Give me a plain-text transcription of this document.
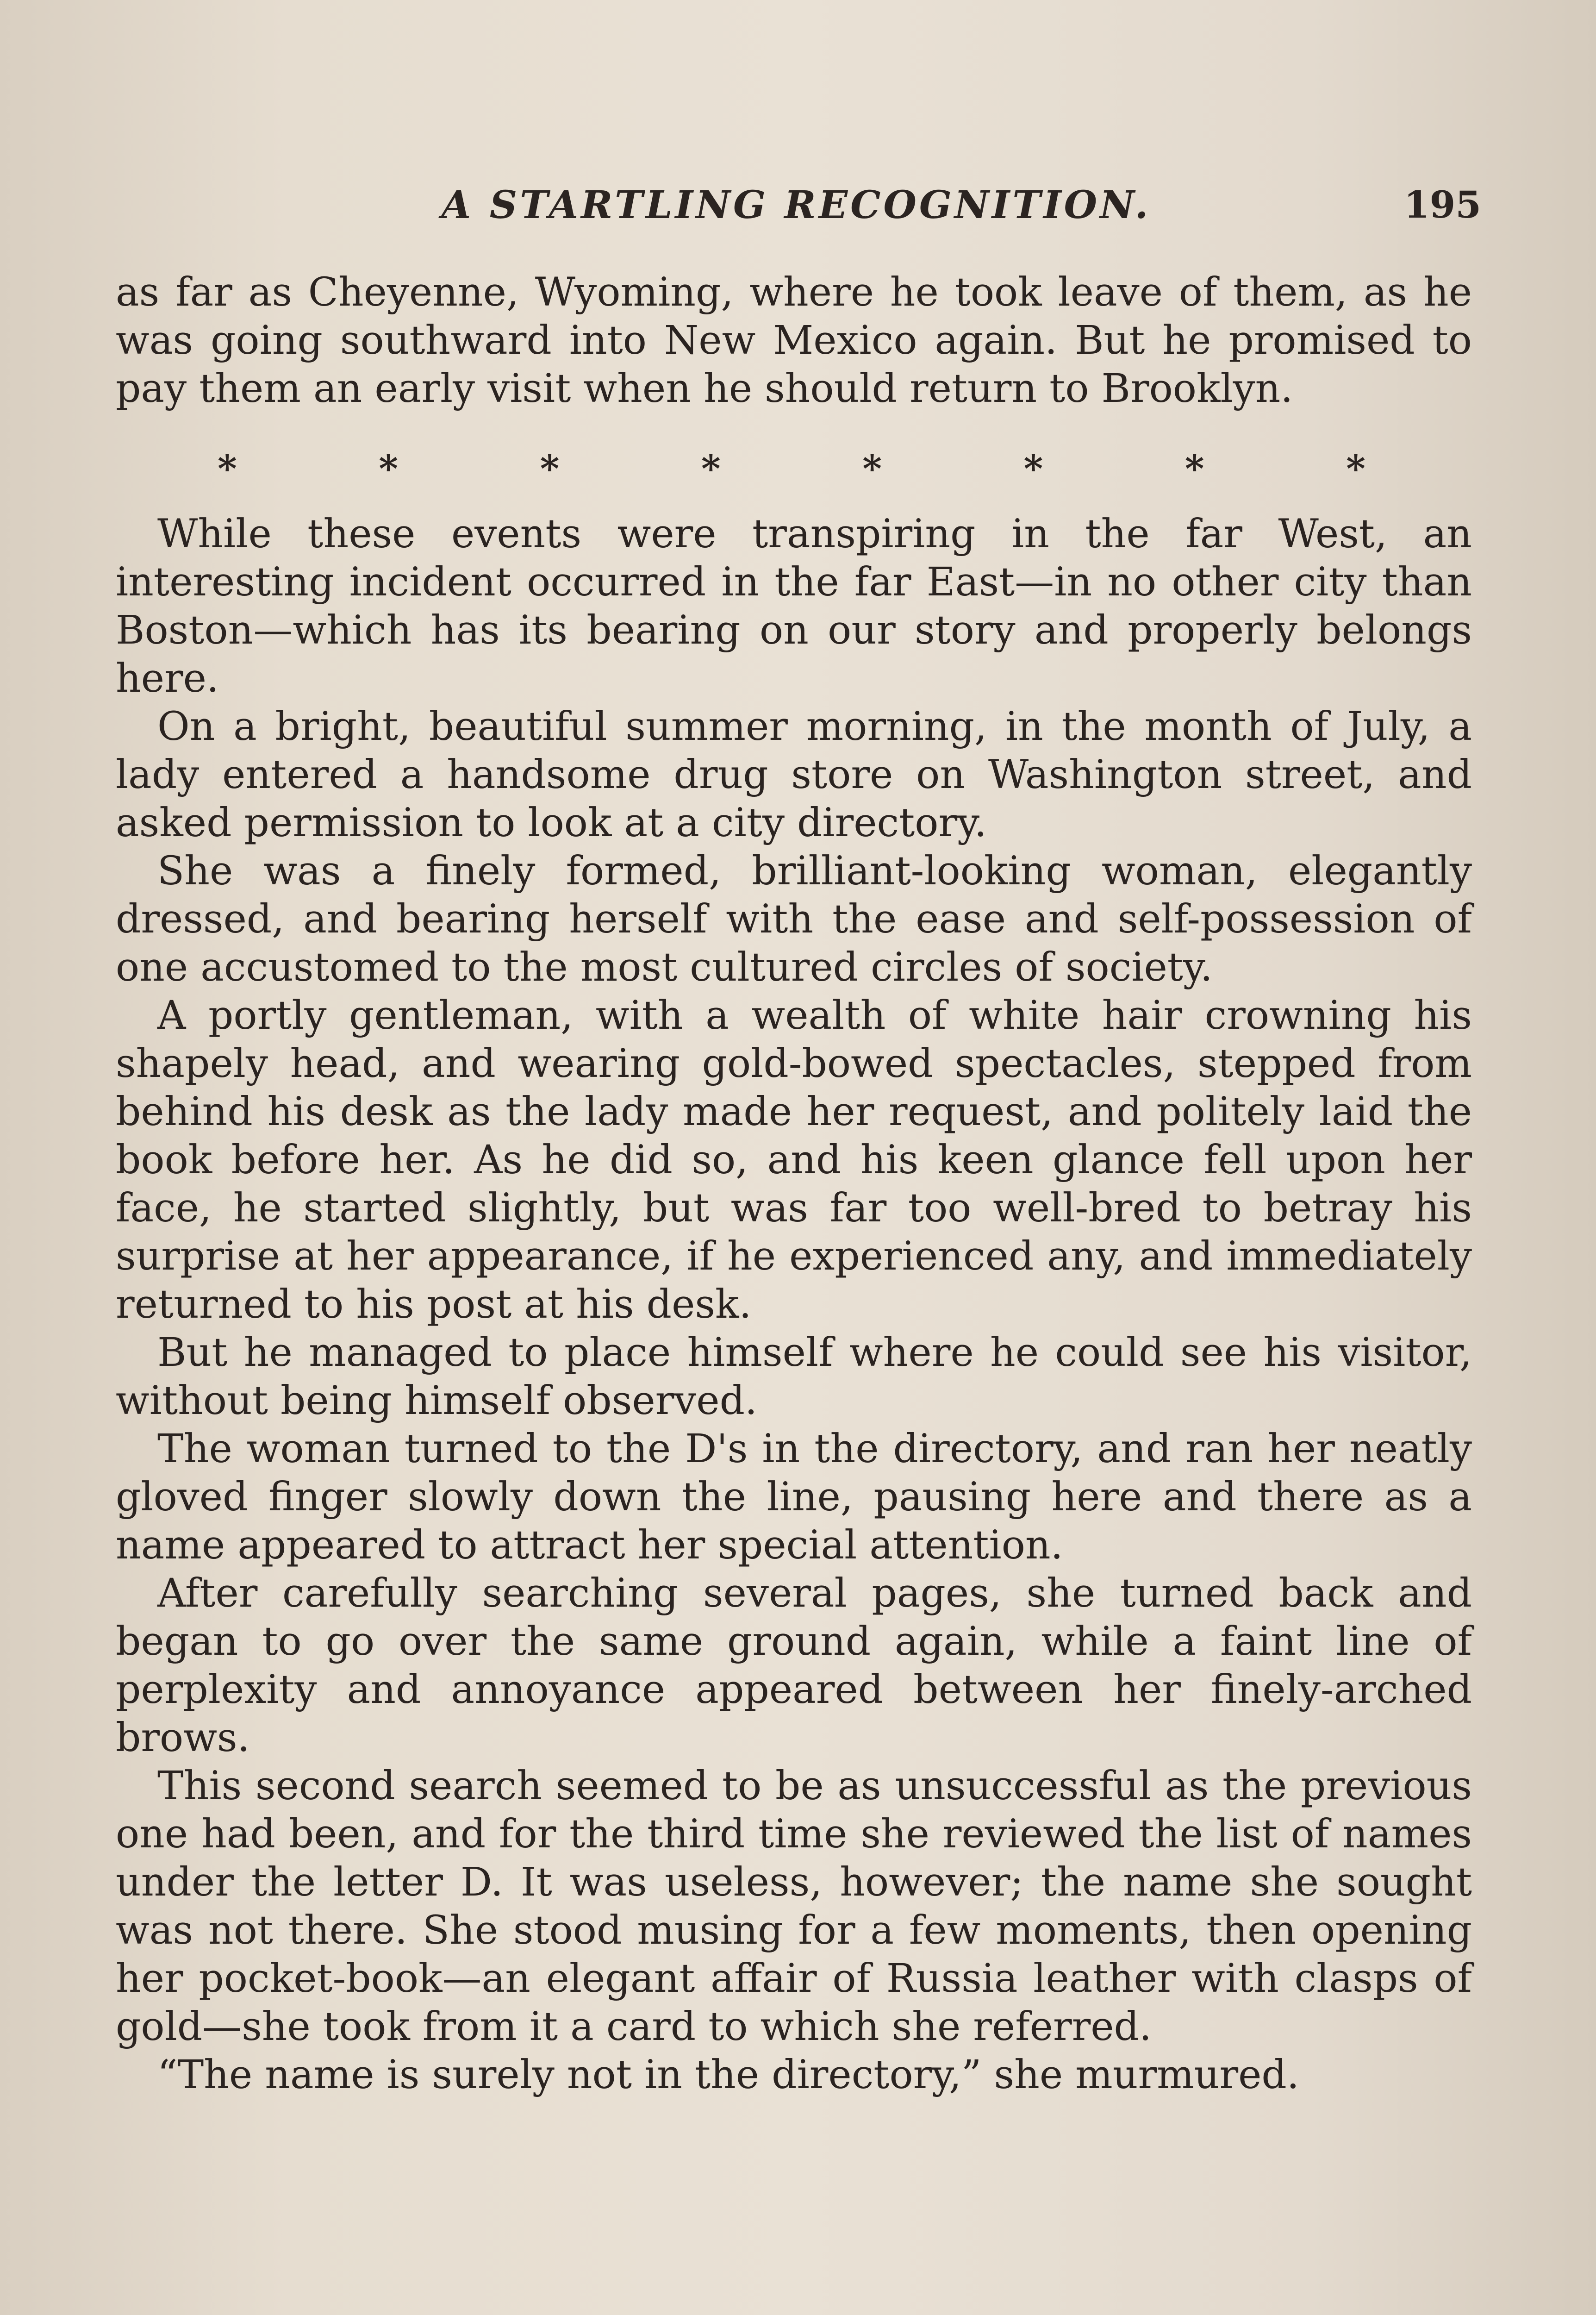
A STARTLING RECOGNITION.	195

as far as Cheyenne, Wyoming, where he took leave of them, as he was going southward into New Mexico again. But he promised to pay them an early visit when he should return to Brooklyn.

*	*	*	*	*	*	*	*

While these events were transpiring in the far West, an interesting incident occurred in the far East—in no other city than Boston—which has its bearing on our story and properly belongs here.

On a bright, beautiful summer morning, in the month of July, a lady entered a handsome drug store on Washington street, and asked permission to look at a city directory.

She was a finely formed, brilliant-looking woman, elegantly dressed, and bearing herself with the ease and self-possession of one accustomed to the most cultured circles of society.

A portly gentleman, with a wealth of white hair crowning his shapely head, and wearing gold-bowed spectacles, stepped from behind his desk as the lady made her request, and politely laid the book before her. As he did so, and his keen glance fell upon her face, he started slightly, but was far too well-bred to betray his surprise at her appearance, if he experienced any, and immediately returned to his post at his desk.

But he managed to place himself where he could see his visitor, without being himself observed.

The woman turned to the D's in the directory, and ran her neatly gloved finger slowly down the line, pausing here and there as a name appeared to attract her special attention.

After carefully searching several pages, she turned back and began to go over the same ground again, while a faint line of perplexity and annoyance appeared between her finely-arched brows.

This second search seemed to be as unsuccessful as the previous one had been, and for the third time she reviewed the list of names under the letter D. It was useless, however; the name she sought was not there. She stood musing for a few moments, then opening her pocket-book—an elegant affair of Russia leather with clasps of gold—she took from it a card to which she referred.

“The name is surely not in the directory,” she murmured.
